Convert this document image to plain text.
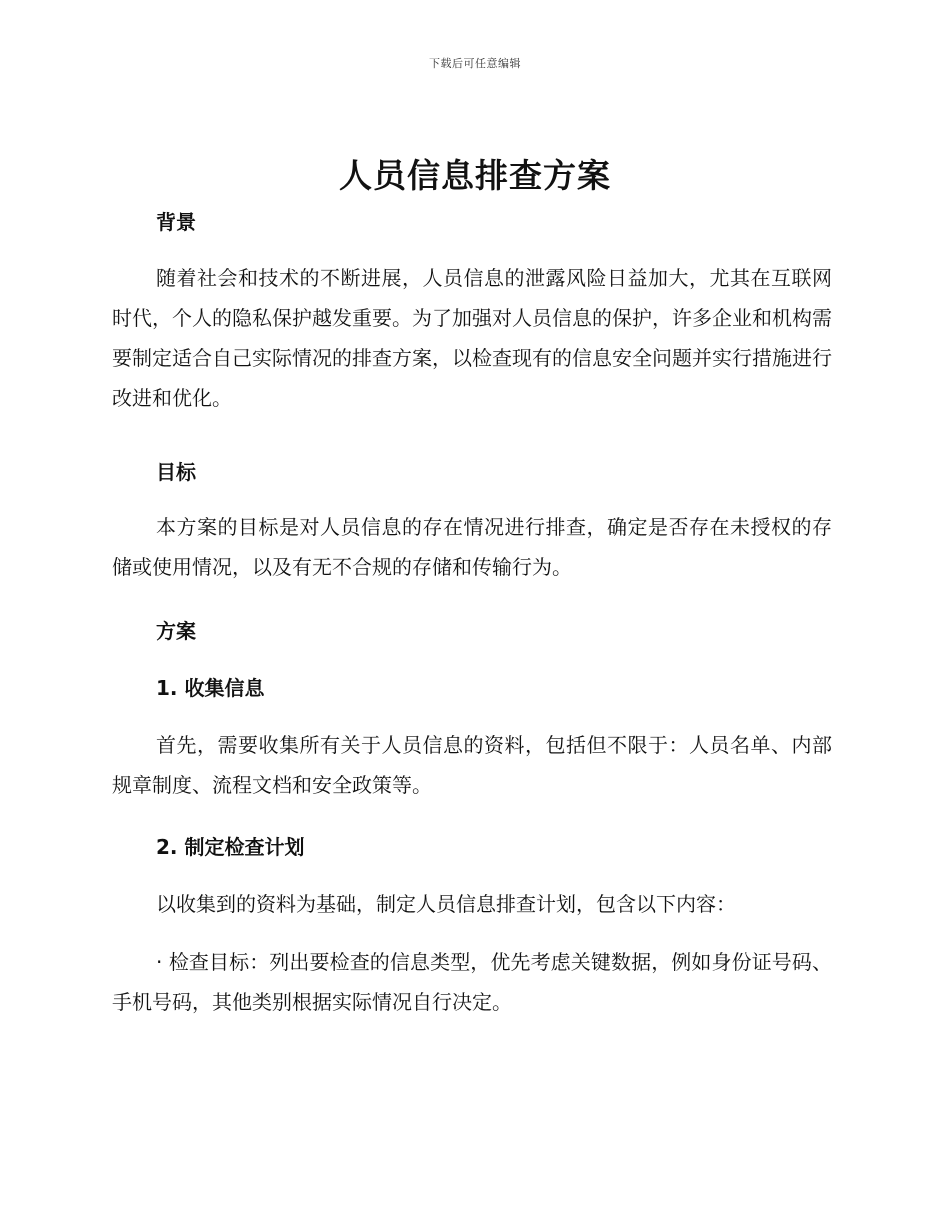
下载后可任意编辑
人员信息排查方案

背景

随着社会和技术的不断进展，人员信息的泄露风险日益加大，尤其在互联网时代，个人的隐私保护越发重要。为了加强对人员信息的保护，许多企业和机构需要制定适合自己实际情况的排查方案，以检查现有的信息安全问题并实行措施进行改进和优化。

目标

本方案的目标是对人员信息的存在情况进行排查，确定是否存在未授权的存储或使用情况，以及有无不合规的存储和传输行为。

方案

1. 收集信息

首先，需要收集所有关于人员信息的资料，包括但不限于：人员名单、内部规章制度、流程文档和安全政策等。

2. 制定检查计划

以收集到的资料为基础，制定人员信息排查计划，包含以下内容：

· 检查目标：列出要检查的信息类型，优先考虑关键数据，例如身份证号码、手机号码，其他类别根据实际情况自行决定。
